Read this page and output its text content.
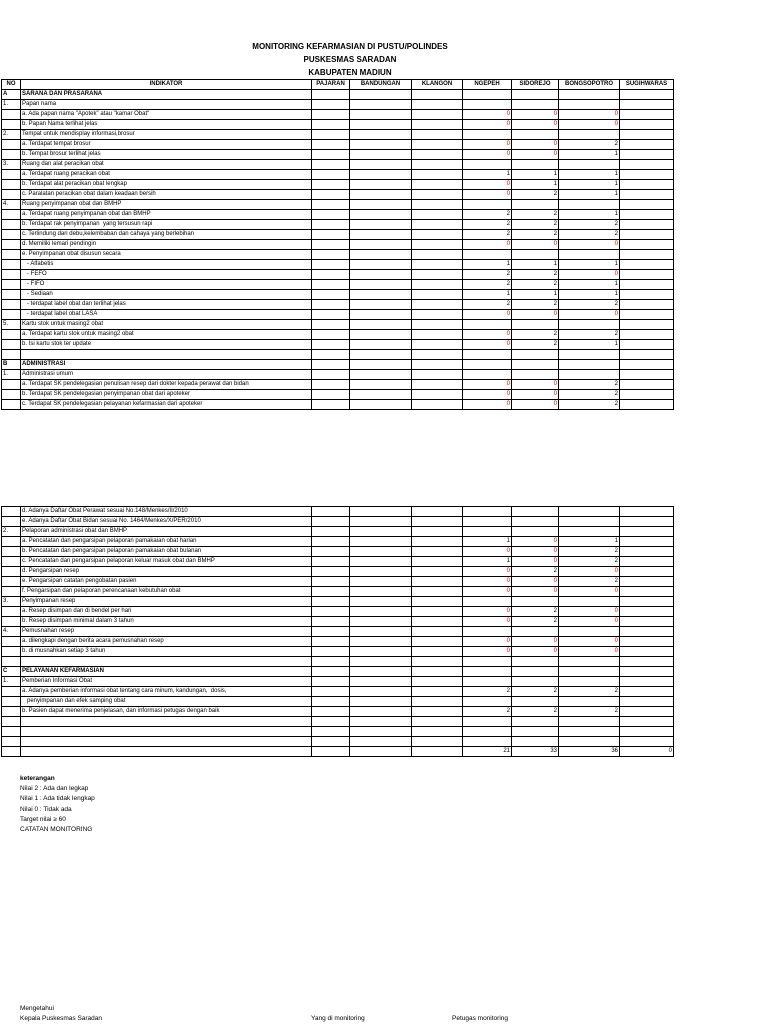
MONITORING KEFARMASIAN DI PUSTU/POLINDES
PUSKESMAS SARADAN
KABUPATEN MADIUN
NO	INDIKATOR	PAJARAN	BANDUNGAN	KLANGON	NGEPEH	SIDOREJO	BONGSOPOTRO	SUGIHWARAS
A	SARANA DAN PRASARANA							
1.	Papan nama							
	a. Ada papan nama "Apotek" atau "kamar Obat"				0	0	0	
	b. Papan Nama terlihat jelas				0	0	0	
2.	Tempat untuk mendisplay informasi,brosur							
	a. Terdapat tempat brosur				0	0	2	
	b. Tempat brosur terlihat jelas				0	0	1	
3.	Ruang dan alat peracikan obat							
	a. Terdapat ruang peracikan obat				1	1	1	
	b. Terdapat alat peracikan obat lengkap				0	1	1	
	c. Paralatan peracikan obat dalam keadaan bersih				0	2	1	
4.	Ruang penyimpanan obat dan BMHP							
	a. Terdapat ruang penyimpanan obat dan BMHP				2	2	1	
	b. Terdapat rak penyimpanan  yang tersusun rapi				2	2	2	
	c. Terlindung dari debu,kelembaban dan cahaya yang berlebihan				2	2	2	
	d. Memiliki lemari pendingin				0	0	0	
	e. Penyimpanan obat disusun secara							
	- Alfabetis				1	1	1	
	- FEFO				2	2	0	
	- FIFO				2	2	1	
	- Sediaan				1	1	1	
	- terdapat label obat dan terlihat jelas				2	2	2	
	- terdapat label obat LASA				0	0	0	
5.	Kartu stok untuk masing2 obat							
	a. Terdapat kartu stok untuk masing2 obat				0	2	2	
	b. Isi kartu stok ter update				0	2	1	

B	ADMINISTRASI							
1.	Administrasi umum							
	a. Terdapat SK pendelegasian penulisan resep dari dokter kepada perawat dan bidan				0	0	2	
	b. Terdapat SK pendelegasian penyimpanan obat dari apoteker				0	0	2	
	c. Terdapat SK pendelegasian pelayanan kefarmasian dari apoteker				0	0	2	
	d. Adanya Daftar Obat Perawat sesuai No.148/Menkes/II/2010							
	e. Adanya Daftar Obat Bidan sesuai No. 1464/Menkes/X/PER/2010							
2.	Pelaporan administrasi obat dan BMHP							
	a. Pencatatan dan pengarsipan pelaporan pamakaian obat harian				1	0	1	
	b. Pencatatan dan pengarsipan pelaporan pamakaian obat bulanan				0	0	2	
	c. Pencatatan dan pengarsipan pelaporan keluar masuk obat dan BMHP				1	0	2	
	d. Pengarsipan resep				0	2	0	
	e. Pengarsipan catatan pengobatan pasien				0	0	2	
	f. Pengarsipan dan pelaporan perencanaan kebutuhan obat				0	0	0	
3.	Penyimpanan resep							
	a. Resep disimpan dan di bendel per hari				0	2	0	
	b. Resep disimpan minimal dalam 3 tahun				0	2	0	
4.	Pemusnahan resep							
	a. dilengkapi dengan berita acara pemusnahan resep				0	0	0	
	b. di musnahkan setiap 3 tahun				0	0	0	

C	PELAYANAN KEFARMASIAN							
1.	Pemberian Informasi Obat							
	a. Adanya pemberian informasi obat tentang cara minum, kandungan,  dosis,				2	2	2	
	penyimpanan dan efek samping obat							
	b. Pasien dapat menerima penjelasan, dan informasi petugas dengan baik				2	2	2	

					21	33	36	0
keterangan
Nilai 2 : Ada dan legkap
Nilai 1 : Ada tidak lengkap
Nilai 0 : Tidak ada
Target nilai ≥ 60
CATATAN MONITORING
Mengetahui
Kepala Puskesmas Saradan	Yang di monitoring	Petugas monitoring
